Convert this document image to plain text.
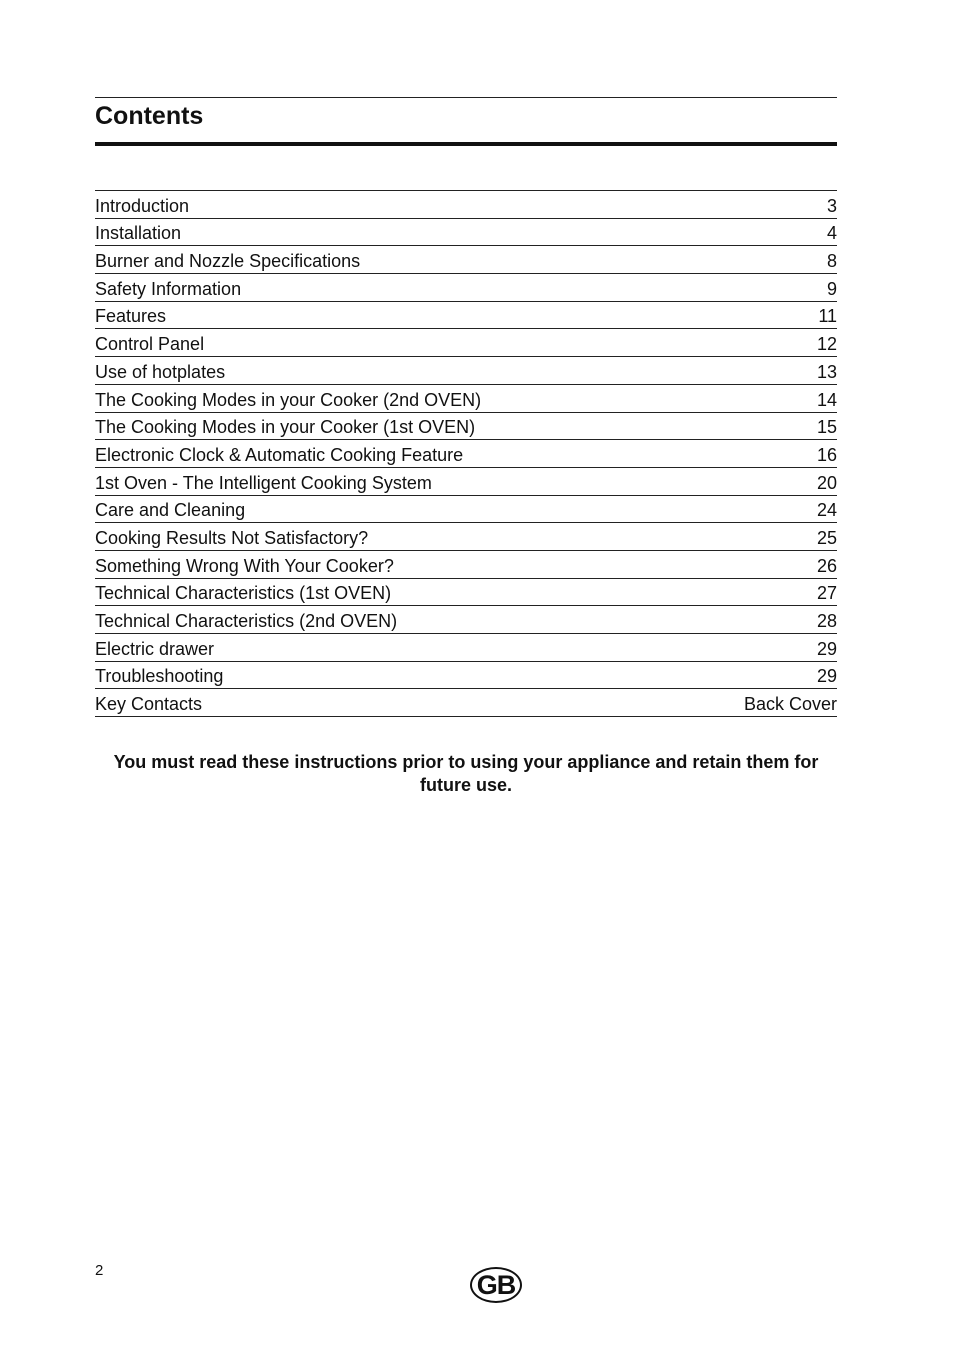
Contents
Introduction	3
Installation	4
Burner and Nozzle Specifications	8
Safety Information	9
Features	11
Control Panel	12
Use of hotplates	13
The Cooking Modes in your Cooker (2nd OVEN)	14
The Cooking Modes in your Cooker (1st OVEN)	15
Electronic Clock & Automatic Cooking Feature	16
1st Oven - The Intelligent Cooking System	20
Care and Cleaning	24
Cooking Results Not Satisfactory?	25
Something Wrong With Your Cooker?	26
Technical Characteristics (1st OVEN)	27
Technical Characteristics (2nd OVEN)	28
Electric drawer	29
Troubleshooting	29
Key Contacts	Back Cover

You must read these instructions prior to using your appliance and retain them for future use.

2	GB
